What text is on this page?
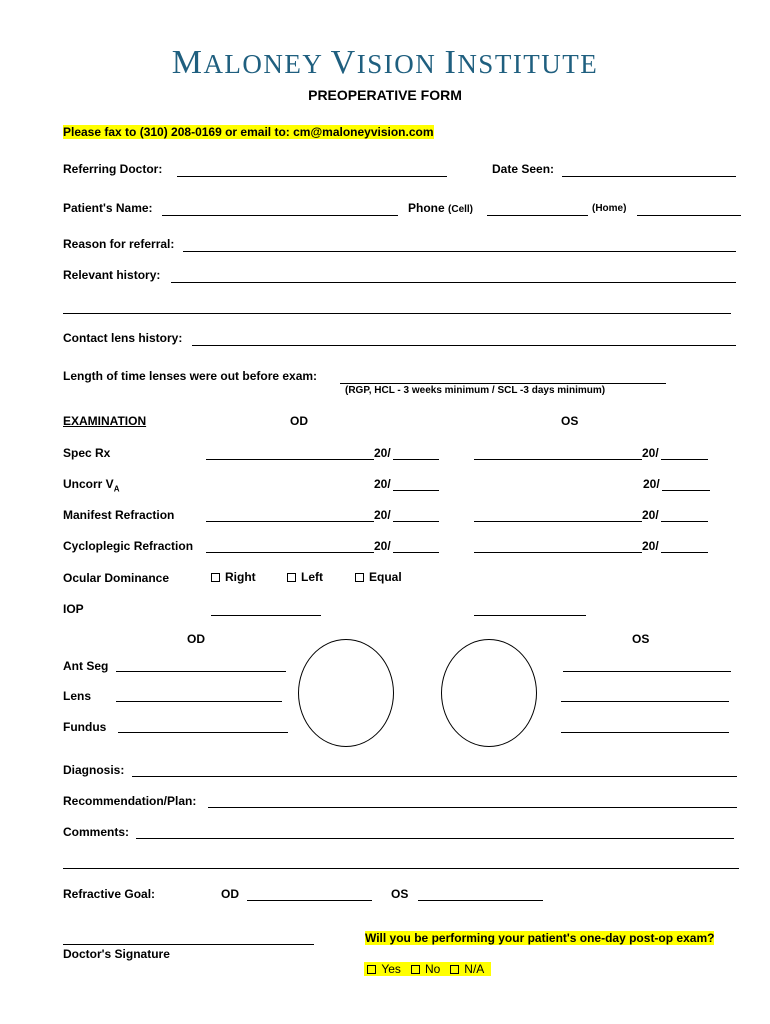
MALONEY VISION INSTITUTE
PREOPERATIVE FORM
Please fax to (310) 208-0169 or email to: cm@maloneyvision.com
Referring Doctor:	Date Seen:
Patient's Name:	Phone (Cell)	(Home)
Reason for referral:
Relevant history:
Contact lens history:
Length of time lenses were out before exam:
(RGP, HCL - 3 weeks minimum / SCL -3 days minimum)
EXAMINATION	OD	OS
Spec Rx	20/	20/
Uncorr $V_A$	20/	20/
Manifest Refraction	20/	20/
Cycloplegic Refraction	20/	20/
Ocular Dominance	Right	Left	Equal
IOP
OD	OS
Ant Seg
Lens
Fundus
Diagnosis:
Recommendation/Plan:
Comments:
Refractive Goal:	OD	OS
Doctor's Signature
Will you be performing your patient's one-day post-op exam?
Yes No N/A
